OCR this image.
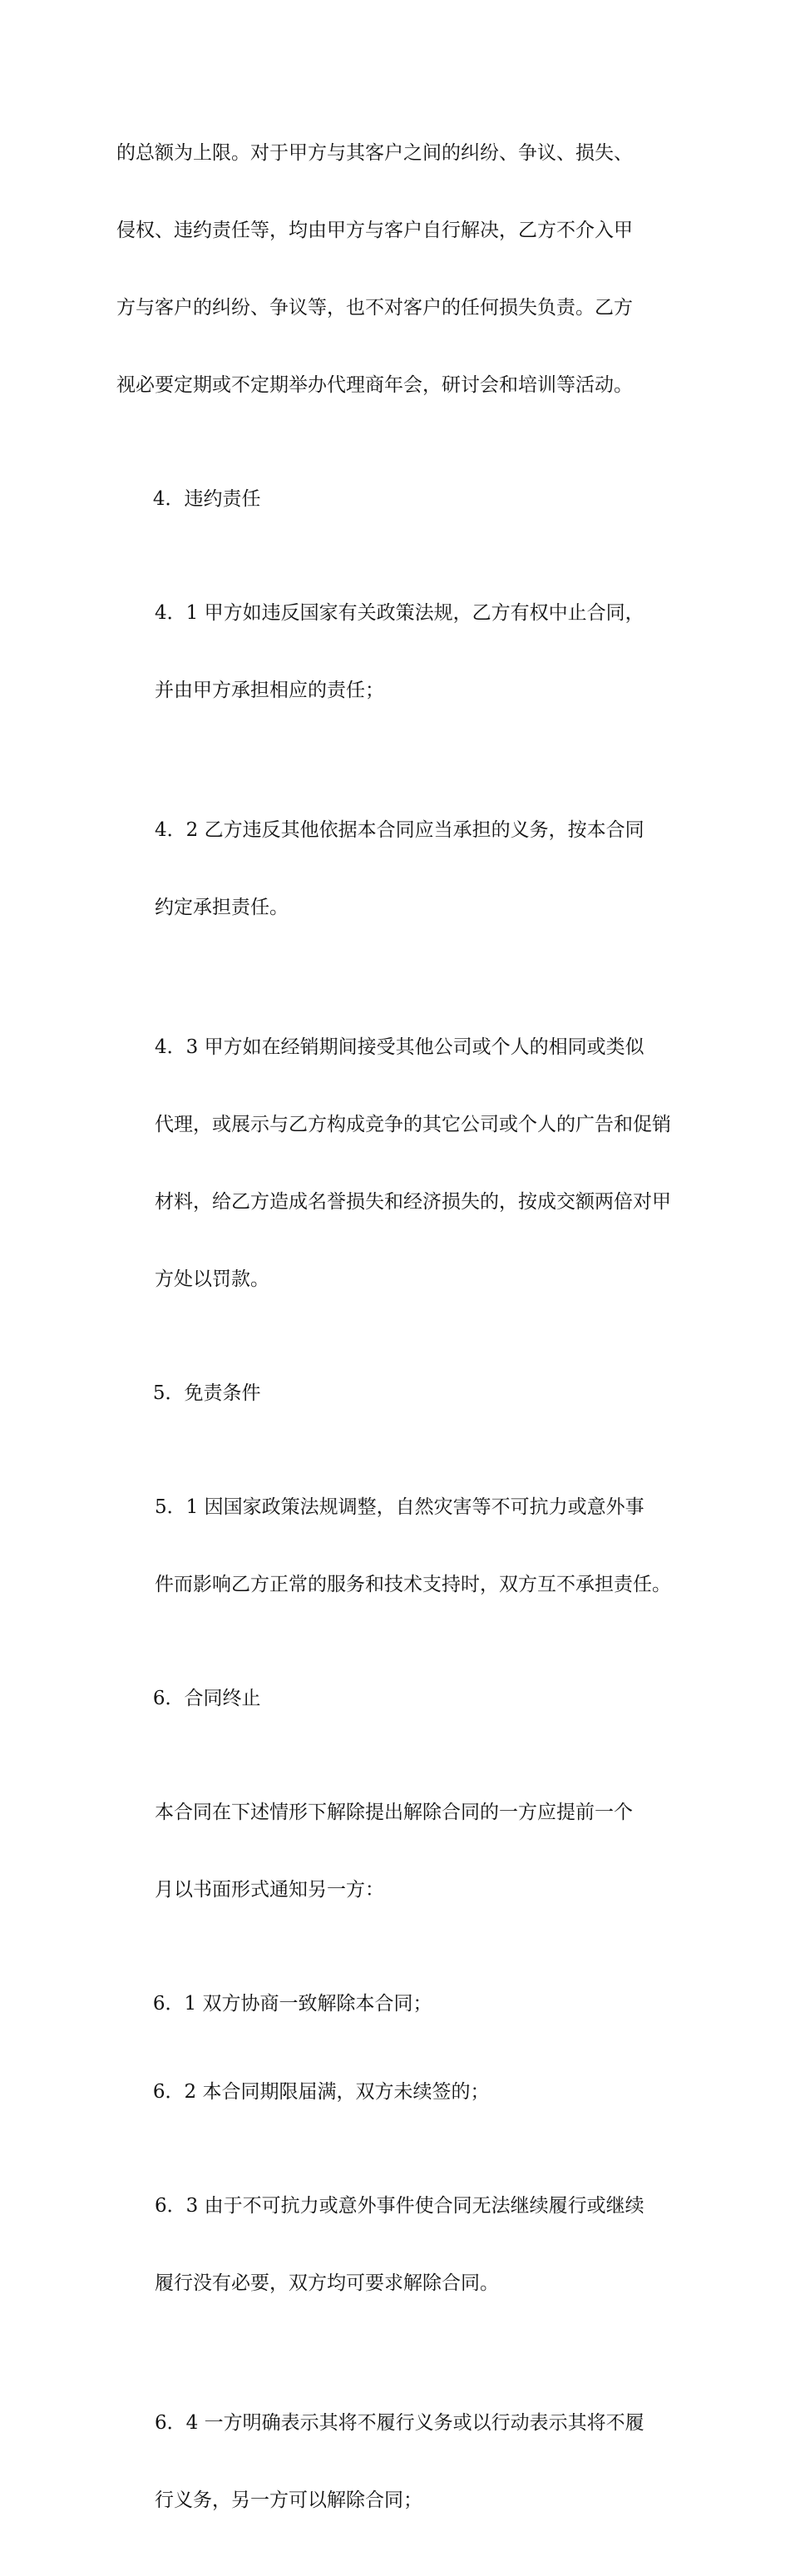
的总额为上限。对于甲方与其客户之间的纠纷、争议、损失、

侵权、违约责任等，均由甲方与客户自行解决，乙方不介入甲

方与客户的纠纷、争议等，也不对客户的任何损失负责。乙方

视必要定期或不定期举办代理商年会，研讨会和培训等活动。

4．违约责任

4．1 甲方如违反国家有关政策法规，乙方有权中止合同，

并由甲方承担相应的责任；

4．2 乙方违反其他依据本合同应当承担的义务，按本合同

约定承担责任。

4．3 甲方如在经销期间接受其他公司或个人的相同或类似

代理，或展示与乙方构成竞争的其它公司或个人的广告和促销

材料，给乙方造成名誉损失和经济损失的，按成交额两倍对甲

方处以罚款。

5．免责条件

5．1 因国家政策法规调整，自然灾害等不可抗力或意外事

件而影响乙方正常的服务和技术支持时，双方互不承担责任。

6．合同终止

本合同在下述情形下解除提出解除合同的一方应提前一个

月以书面形式通知另一方：

6．1 双方协商一致解除本合同；

6．2 本合同期限届满，双方未续签的；

6．3 由于不可抗力或意外事件使合同无法继续履行或继续

履行没有必要，双方均可要求解除合同。

6．4 一方明确表示其将不履行义务或以行动表示其将不履

行义务，另一方可以解除合同；
